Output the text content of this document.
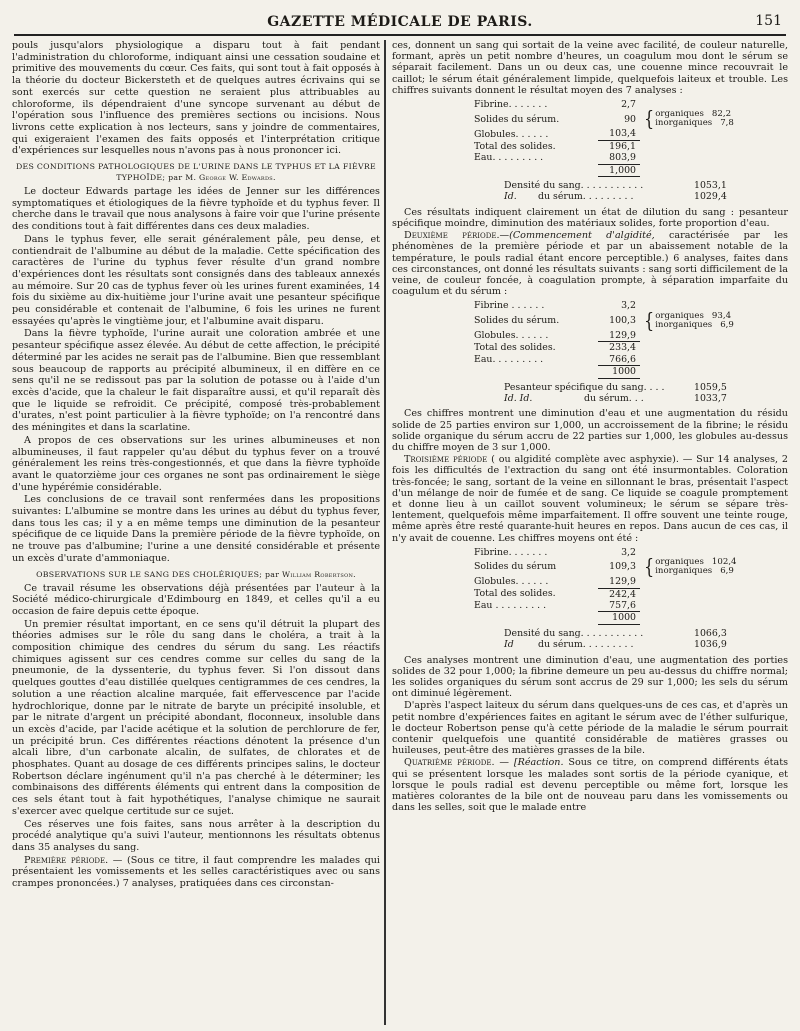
GAZETTE MÉDICALE DE PARIS.	151

pouls jusqu'alors physiologique a disparu tout à fait pendant l'administration du chloroforme, indiquant ainsi une cessation soudaine et primitive des mouvements du cœur. Ces faits, qui sont tout à fait opposés à la théorie du docteur Bickersteth et de quelques autres écrivains qui se sont exercés sur cette question ne seraient plus attribuables au chloroforme, ils dépendraient d'une syncope survenant au début de l'opération sous l'influence des premières sections ou incisions. Nous livrons cette explication à nos lecteurs, sans y joindre de commentaires, qui exigeraient l'examen des faits opposés et l'interprétation critique d'expériences sur lesquelles nous n'avons pas à nous prononcer ici.

DES CONDITIONS PATHOLOGIQUES DE L'URINE DANS LE TYPHUS ET LA FIÈVRE
TYPHOÏDE; par M. George W. Edwards.

Le docteur Edwards partage les idées de Jenner sur les différences symptomatiques et étiologiques de la fièvre typhoïde et du typhus fever. Il cherche dans le travail que nous analysons à faire voir que l'urine présente des conditions tout à fait différentes dans ces deux maladies.

Dans le typhus fever, elle serait généralement pâle, peu dense, et contiendrait de l'albumine au début de la maladie. Cette spécification des caractères de l'urine du typhus fever résulte d'un grand nombre d'expériences dont les résultats sont consignés dans des tableaux annexés au mémoire. Sur 20 cas de typhus fever où les urines furent examinées, 14 fois du sixième au dix-huitième jour l'urine avait une pesanteur spécifique peu considérable et contenait de l'albumine, 6 fois les urines ne furent essayées qu'après le vingtième jour, et l'albumine avait disparu.

Dans la fièvre typhoïde, l'urine aurait une coloration ambrée et une pesanteur spécifique assez élevée. Au début de cette affection, le précipité déterminé par les acides ne serait pas de l'albumine. Bien que ressemblant sous beaucoup de rapports au précipité albumineux, il en diffère en ce sens qu'il ne se redissout pas par la solution de potasse ou à l'aide d'un excès d'acide, que la chaleur le fait disparaître aussi, et qu'il reparaît dès que le liquide se refroidit. Ce précipité, composé très-probablement d'urates, n'est point particulier à la fièvre typhoïde; on l'a rencontré dans des méningites et dans la scarlatine.

A propos de ces observations sur les urines albumineuses et non albumineuses, il faut rappeler qu'au début du typhus fever on a trouvé généralement les reins très-congestionnés, et que dans la fièvre typhoïde avant le quatorzième jour ces organes ne sont pas ordinairement le siège d'une hypérémie considérable.

Les conclusions de ce travail sont renfermées dans les propositions suivantes: L'albumine se montre dans les urines au début du typhus fever, dans tous les cas; il y a en même temps une diminution de la pesanteur spécifique de ce liquide Dans la première période de la fièvre typhoïde, on ne trouve pas d'albumine; l'urine a une densité considérable et présente un excès d'urate d'ammoniaque.

OBSERVATIONS SUR LE SANG DES CHOLÉRIQUES; par William Robertson.

Ce travail résume les observations déjà présentées par l'auteur à la Société médico-chirurgicale d'Edimbourg en 1849, et celles qu'il a eu occasion de faire depuis cette époque.

Un premier résultat important, en ce sens qu'il détruit la plupart des théories admises sur le rôle du sang dans le choléra, a trait à la composition chimique des cendres du sérum du sang. Les réactifs chimiques agissent sur ces cendres comme sur celles du sang de la pneumonie, de la dyssenterie, du typhus fever. Si l'on dissout dans quelques gouttes d'eau distillée quelques centigrammes de ces cendres, la solution a une réaction alcaline marquée, fait effervescence par l'acide hydrochlorique, donne par le nitrate de baryte un précipité insoluble, et par le nitrate d'argent un précipité abondant, floconneux, insoluble dans un excès d'acide, par l'acide acétique et la solution de perchlorure de fer, un précipité brun. Ces différentes réactions dénotent la présence d'un alcali libre, d'un carbonate alcalin, de sulfates, de chlorates et de phosphates. Quant au dosage de ces différents principes salins, le docteur Robertson déclare ingénument qu'il n'a pas cherché à le déterminer; les combinaisons des différents éléments qui entrent dans la composition de ces sels étant tout à fait hypothétiques, l'analyse chimique ne saurait s'exercer avec quelque certitude sur ce sujet.

Ces réserves une fois faites, sans nous arrêter à la description du procédé analytique qu'a suivi l'auteur, mentionnons les résultats obtenus dans 35 analyses du sang.

Première période. — (Sous ce titre, il faut comprendre les malades qui présentaient les vomissements et les selles caractéristiques avec ou sans crampes prononcées.) 7 analyses, pratiquées dans ces circonstan-

ces, donnent un sang qui sortait de la veine avec facilité, de couleur naturelle, formant, après un petit nombre d'heures, un coagulum mou dont le sérum se séparait facilement. Dans un ou deux cas, une couenne mince recouvrait le caillot; le sérum était généralement limpide, quelquefois laiteux et trouble. Les chiffres suivants donnent le résultat moyen des 7 analyses :

Fibrine. . . . . . .	2,7	
Solides du sérum.	90	{organiques 82,2
inorganiques 7,8
Globules. . . . . .	103,4	
Total des solides.	196,1	
Eau. . . . . . . . .	803,9	
	1,000	
Densité du sang. . . . . . . . . . .	1053,1
Id. du sérum. . . . . . . . .	1029,4

Ces résultats indiquent clairement un état de dilution du sang : pesanteur spécifique moindre, diminution des matériaux solides, forte proportion d'eau.

Deuxième période.—(Commencement d'algidité, caractérisée par les phénomènes de la première période et par un abaissement notable de la température, le pouls radial étant encore perceptible.) 6 analyses, faites dans ces circonstances, ont donné les résultats suivants : sang sorti difficilement de la veine, de couleur foncée, à coagulation prompte, à séparation imparfaite du coagulum et du sérum :

Fibrine . . . . . .	3,2	
Solides du sérum.	100,3	{organiques 93,4
inorganiques 6,9
Globules. . . . . .	129,9	
Total des solides.	233,4	
Eau. . . . . . . . .	766,6	
	1000	
Pesanteur spécifique du sang. . . .	1059,5
Id. Id.	du sérum. . .	1033,7

Ces chiffres montrent une diminution d'eau et une augmentation du résidu solide de 25 parties environ sur 1,000, un accroissement de la fibrine; le résidu solide organique du sérum accru de 22 parties sur 1,000, les globules au-dessus du chiffre moyen de 3 sur 1,000.

Troisième période ( ou algidité complète avec asphyxie). — Sur 14 analyses, 2 fois les difficultés de l'extraction du sang ont été insurmontables. Coloration très-foncée; le sang, sortant de la veine en sillonnant le bras, présentait l'aspect d'un mélange de noir de fumée et de sang. Ce liquide se coagule promptement et donne lieu à un caillot souvent volumineux; le sérum se sépare très-lentement, quelquefois même imparfaitement. Il offre souvent une teinte rouge, même après être resté quarante-huit heures en repos. Dans aucun de ces cas, il n'y avait de couenne. Les chiffres moyens ont été :

Fibrine. . . . . . .	3,2	
Solides du sérum	109,3	{organiques 102,4
inorganiques 6,9
Globules. . . . . .	129,9	
Total des solides.	242,4	
Eau . . . . . . . . .	757,6	
	1000	
Densité du sang. . . . . . . . . . .	1066,3
Id	du sérum. . . . . . . . .	1036,9

Ces analyses montrent une diminution d'eau, une augmentation des porties solides de 32 pour 1,000; la fibrine demeure un peu au-dessus du chiffre normal; les solides organiques du sérum sont accrus de 29 sur 1,000; les sels du sérum ont diminué légèrement.

D'après l'aspect laiteux du sérum dans quelques-uns de ces cas, et d'après un petit nombre d'expériences faites en agitant le sérum avec de l'éther sulfurique, le docteur Robertson pense qu'à cette période de la maladie le sérum pourrait contenir quelquefois une quantité considérable de matières grasses ou huileuses, peut-être des matières grasses de la bile.

Quatrième période. — [Réaction. Sous ce titre, on comprend différents états qui se présentent lorsque les malades sont sortis de la période cyanique, et lorsque le pouls radial est devenu perceptible ou même fort, lorsque les matières colorantes de la bile ont de nouveau paru dans les vomissements ou dans les selles, soit que le malade entre
